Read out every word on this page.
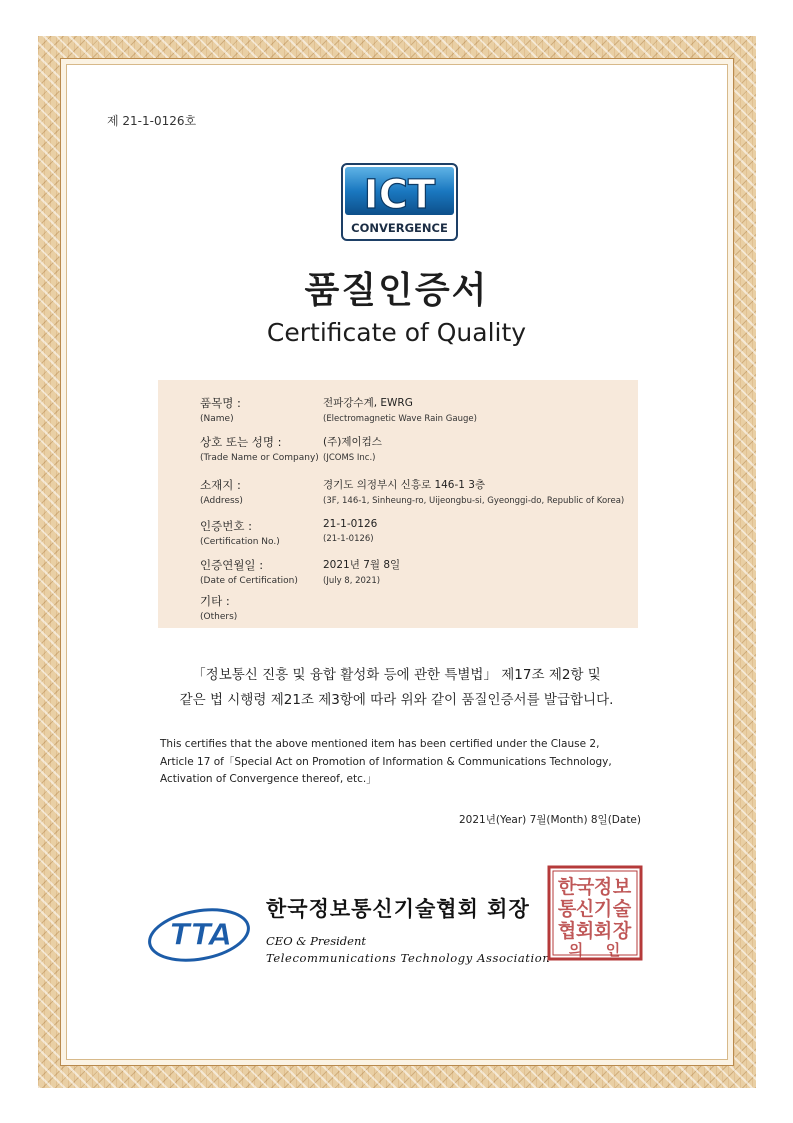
제 21-1-0126호
ICT
CONVERGENCE
품질인증서
Certificate of Quality
품목명 :
(Name)
전파강수계, EWRG
(Electromagnetic Wave Rain Gauge)
상호 또는 성명 :
(Trade Name or Company)
(주)제이컴스
(JCOMS Inc.)
소재지 :
(Address)
경기도 의정부시 신흥로 146-1 3층
(3F, 146-1, Sinheung-ro, Uijeongbu-si, Gyeonggi-do, Republic of Korea)
인증번호 :
(Certification No.)
21-1-0126
(21-1-0126)
인증연월일 :
(Date of Certification)
2021년 7월 8일
(July 8, 2021)
기타 :
(Others)
「정보통신 진흥 및 융합 활성화 등에 관한 특별법」 제17조 제2항 및
같은 법 시행령 제21조 제3항에 따라 위와 같이 품질인증서를 발급합니다.
This certifies that the above mentioned item has been certified under the Clause 2,
Article 17 of「Special Act on Promotion of Information & Communications Technology,
Activation of Convergence thereof, etc.」
2021년(Year) 7월(Month) 8일(Date)
TTA
한국정보통신기술협회 회장
CEO & President
Telecommunications Technology Association
한 국 정 보
통 신 기 술
협 회 회 장
의 인
